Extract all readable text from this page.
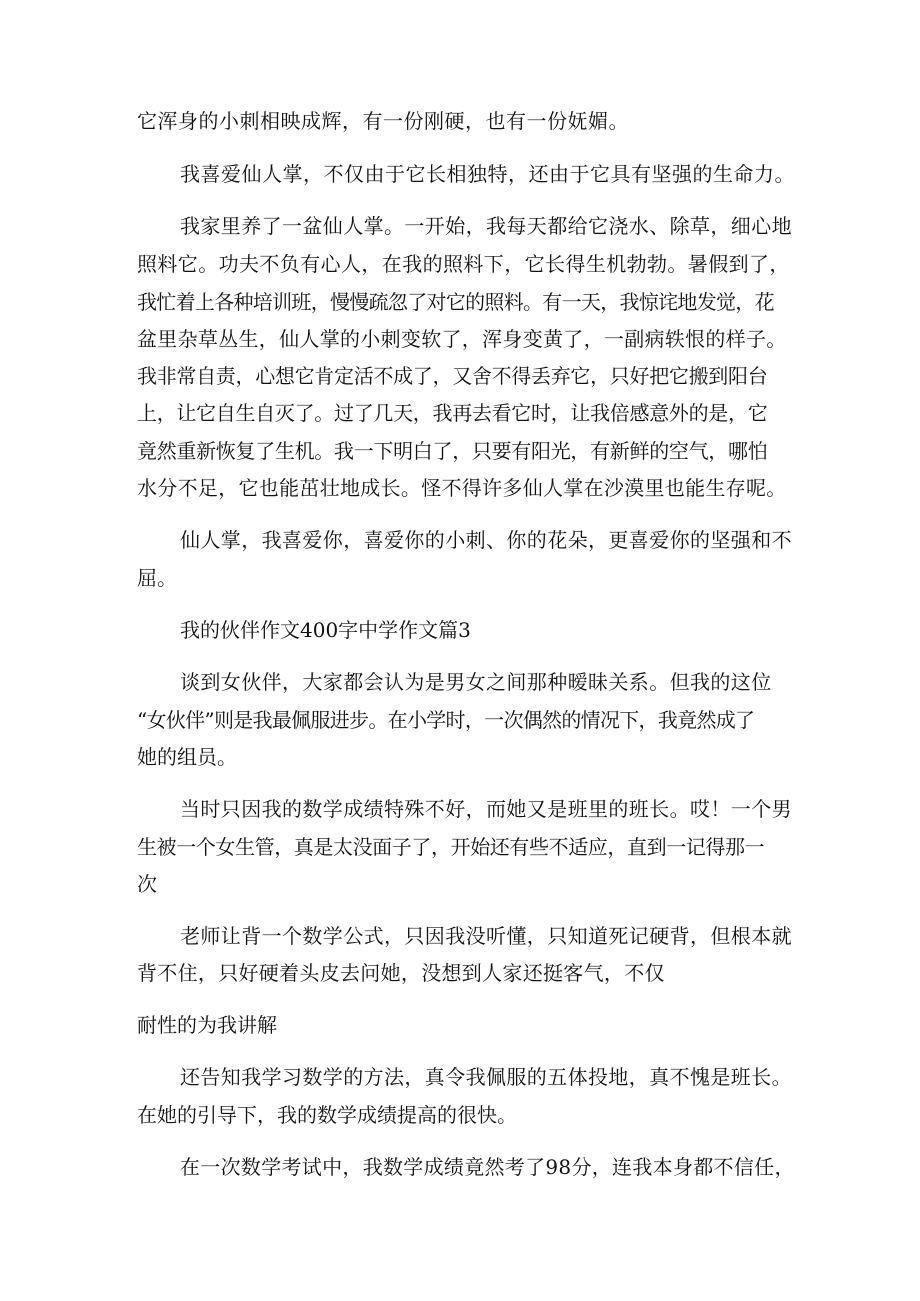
它浑身的小刺相映成辉，有一份刚硬，也有一份妩媚。

我喜爱仙人掌，不仅由于它长相独特，还由于它具有坚强的生命力。

我家里养了一盆仙人掌。一开始，我每天都给它浇水、除草，细心地

照料它。功夫不负有心人，在我的照料下，它长得生机勃勃。暑假到了，

我忙着上各种培训班，慢慢疏忽了对它的照料。有一天，我惊诧地发觉，花

盆里杂草丛生，仙人掌的小刺变软了，浑身变黄了，一副病轶恨的样子。

我非常自责，心想它肯定活不成了，又舍不得丢弃它，只好把它搬到阳台

上，让它自生自灭了。过了几天，我再去看它时，让我倍感意外的是，它

竟然重新恢复了生机。我一下明白了，只要有阳光，有新鲜的空气，哪怕

水分不足，它也能茁壮地成长。怪不得许多仙人掌在沙漠里也能生存呢。

仙人掌，我喜爱你，喜爱你的小刺、你的花朵，更喜爱你的坚强和不

屈。

我的伙伴作文400字中学作文篇3

谈到女伙伴，大家都会认为是男女之间那种暧昧关系。但我的这位

“女伙伴”则是我最佩服进步。在小学时，一次偶然的情况下，我竟然成了

她的组员。

当时只因我的数学成绩特殊不好，而她又是班里的班长。哎！一个男

生被一个女生管，真是太没面子了，开始还有些不适应，直到一记得那一

次

老师让背一个数学公式，只因我没听懂，只知道死记硬背，但根本就

背不住，只好硬着头皮去问她，没想到人家还挺客气，不仅

耐性的为我讲解

还告知我学习数学的方法，真令我佩服的五体投地，真不愧是班长。

在她的引导下，我的数学成绩提高的很快。

在一次数学考试中，我数学成绩竟然考了98分，连我本身都不信任，
